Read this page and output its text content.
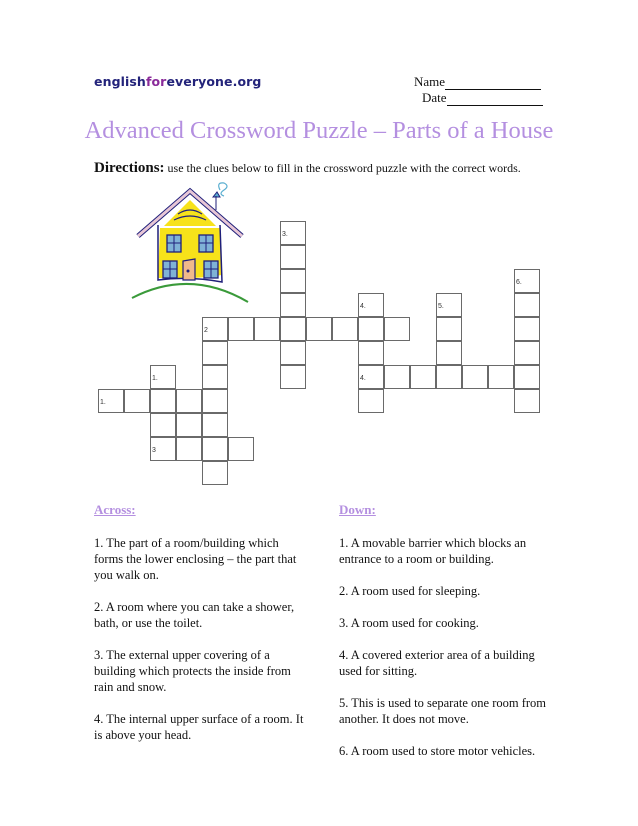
englishforeveryone.org	Name
Date
Advanced Crossword Puzzle – Parts of a House
Directions: use the clues below to fill in the crossword puzzle with the correct words.
3.
2
1.
1.
3
4.
4.
5.
6.
Across:

1. The part of a room/building which forms the lower enclosing – the part that you walk on.

2. A room where you can take a shower, bath, or use the toilet.

3. The external upper covering of a building which protects the inside from rain and snow.

4. The internal upper surface of a room. It is above your head.

Down:

1. A movable barrier which blocks an entrance to a room or building.

2. A room used for sleeping.

3. A room used for cooking.

4. A covered exterior area of a building used for sitting.

5. This is used to separate one room from another. It does not move.

6. A room used to store motor vehicles.
